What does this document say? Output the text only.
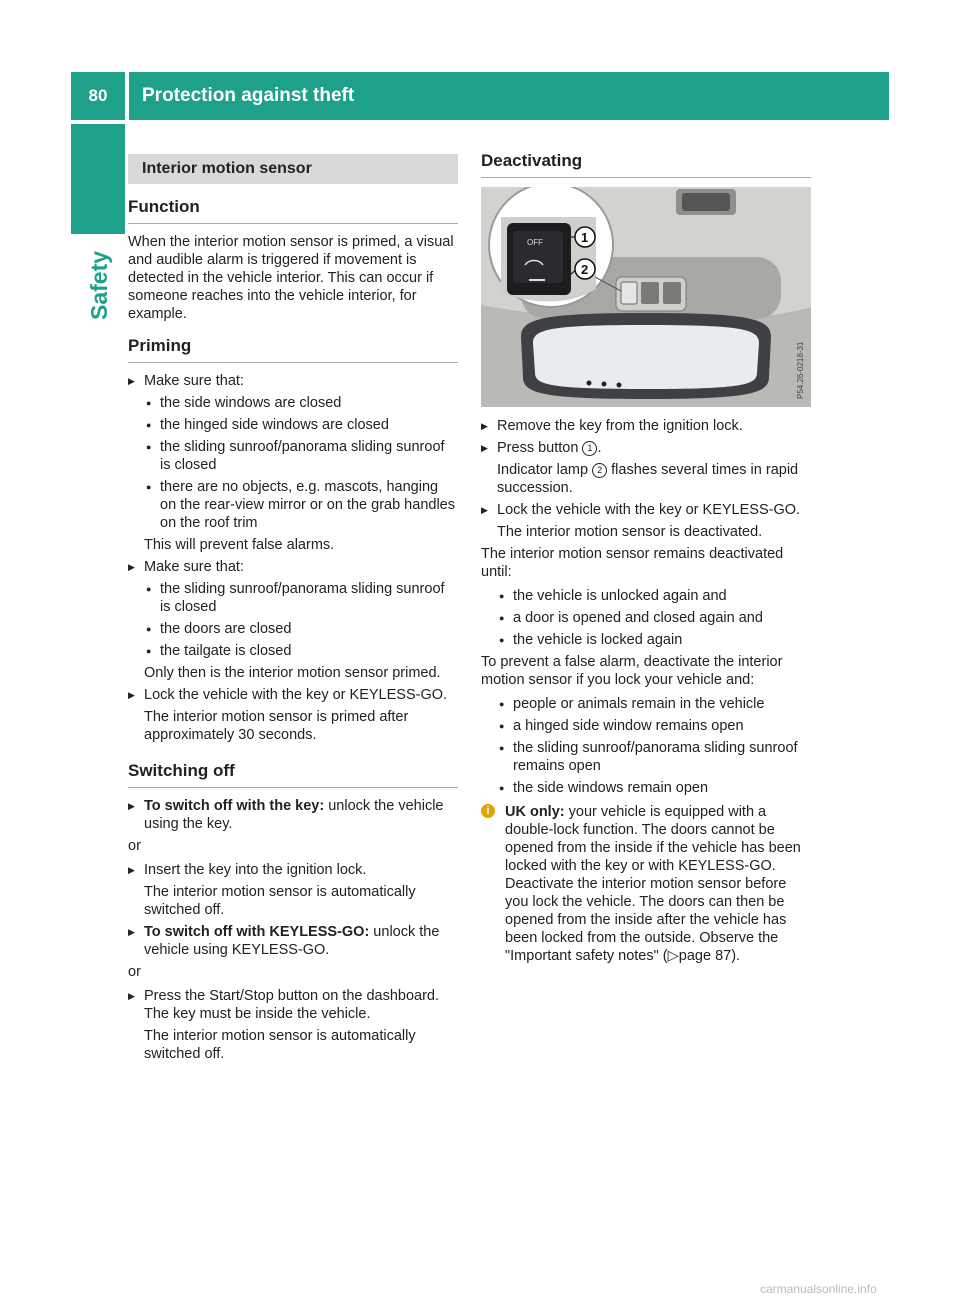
80	Protection against theft
Safety
Interior motion sensor
Function

When the interior motion sensor is primed, a visual and audible alarm is triggered if movement is detected in the vehicle interior. This can occur if someone reaches into the vehicle interior, for example.

Priming
▶ Make sure that:
● the side windows are closed
● the hinged side windows are closed
● the sliding sunroof/panorama sliding sunroof is closed
● there are no objects, e.g. mascots, hanging on the rear-view mirror or on the grab handles on the roof trim
This will prevent false alarms.
▶ Make sure that:
● the sliding sunroof/panorama sliding sunroof is closed
● the doors are closed
● the tailgate is closed
Only then is the interior motion sensor primed.
▶ Lock the vehicle with the key or KEYLESS-GO.
The interior motion sensor is primed after approximately 30 seconds.
Switching off
▶ To switch off with the key: unlock the vehicle using the key.

or

▶ Insert the key into the ignition lock.
The interior motion sensor is automatically switched off.
▶ To switch off with KEYLESS-GO: unlock the vehicle using KEYLESS-GO.

or

▶ Press the Start/Stop button on the dashboard. The key must be inside the vehicle.
The interior motion sensor is automatically switched off.
Deactivating
OFF	1
2
P54.26-0218-31
▶ Remove the key from the ignition lock.
▶ Press button 1 .
Indicator lamp 2 flashes several times in rapid succession.
▶ Lock the vehicle with the key or KEYLESS-GO.
The interior motion sensor is deactivated.

The interior motion sensor remains deactivated until:

● the vehicle is unlocked again and
● a door is opened and closed again and
● the vehicle is locked again

To prevent a false alarm, deactivate the interior motion sensor if you lock your vehicle and:

● people or animals remain in the vehicle
● a hinged side window remains open
● the sliding sunroof/panorama sliding sunroof remains open
● the side windows remain open
i	UK only: your vehicle is equipped with a double-lock function. The doors cannot be opened from the inside if the vehicle has been locked with the key or with KEYLESS-GO. Deactivate the interior motion sensor before you lock the vehicle. The doors can then be opened from the inside after the vehicle has been locked from the outside. Observe the "Important safety notes" (▷page 87).
carmanualsonline.info
